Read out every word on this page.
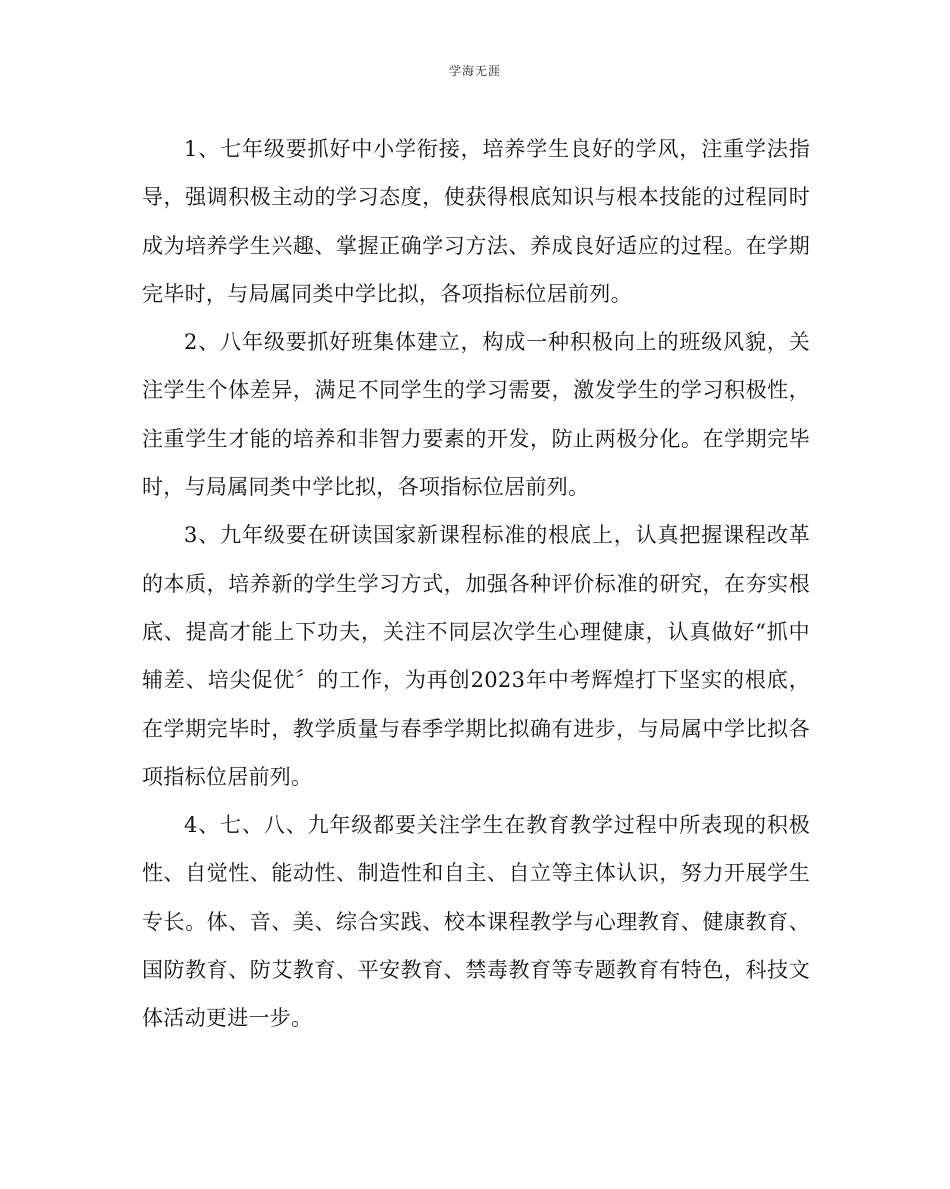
学海无涯

1、七年级要抓好中小学衔接，培养学生良好的学风，注重学法指导，强调积极主动的学习态度，使获得根底知识与根本技能的过程同时成为培养学生兴趣、掌握正确学习方法、养成良好适应的过程。在学期完毕时，与局属同类中学比拟，各项指标位居前列。

2、八年级要抓好班集体建立，构成一种积极向上的班级风貌，关注学生个体差异，满足不同学生的学习需要，激发学生的学习积极性，注重学生才能的培养和非智力要素的开发，防止两极分化。在学期完毕时，与局属同类中学比拟，各项指标位居前列。

3、九年级要在研读国家新课程标准的根底上，认真把握课程改革的本质，培养新的学生学习方式，加强各种评价标准的研究，在夯实根底、提高才能上下功夫，关注不同层次学生心理健康，认真做好“抓中辅差、培尖促优〞的工作，为再创2023年中考辉煌打下坚实的根底，在学期完毕时，教学质量与春季学期比拟确有进步，与局属中学比拟各项指标位居前列。

4、七、八、九年级都要关注学生在教育教学过程中所表现的积极性、自觉性、能动性、制造性和自主、自立等主体认识，努力开展学生专长。体、音、美、综合实践、校本课程教学与心理教育、健康教育、国防教育、防艾教育、平安教育、禁毒教育等专题教育有特色，科技文体活动更进一步。
